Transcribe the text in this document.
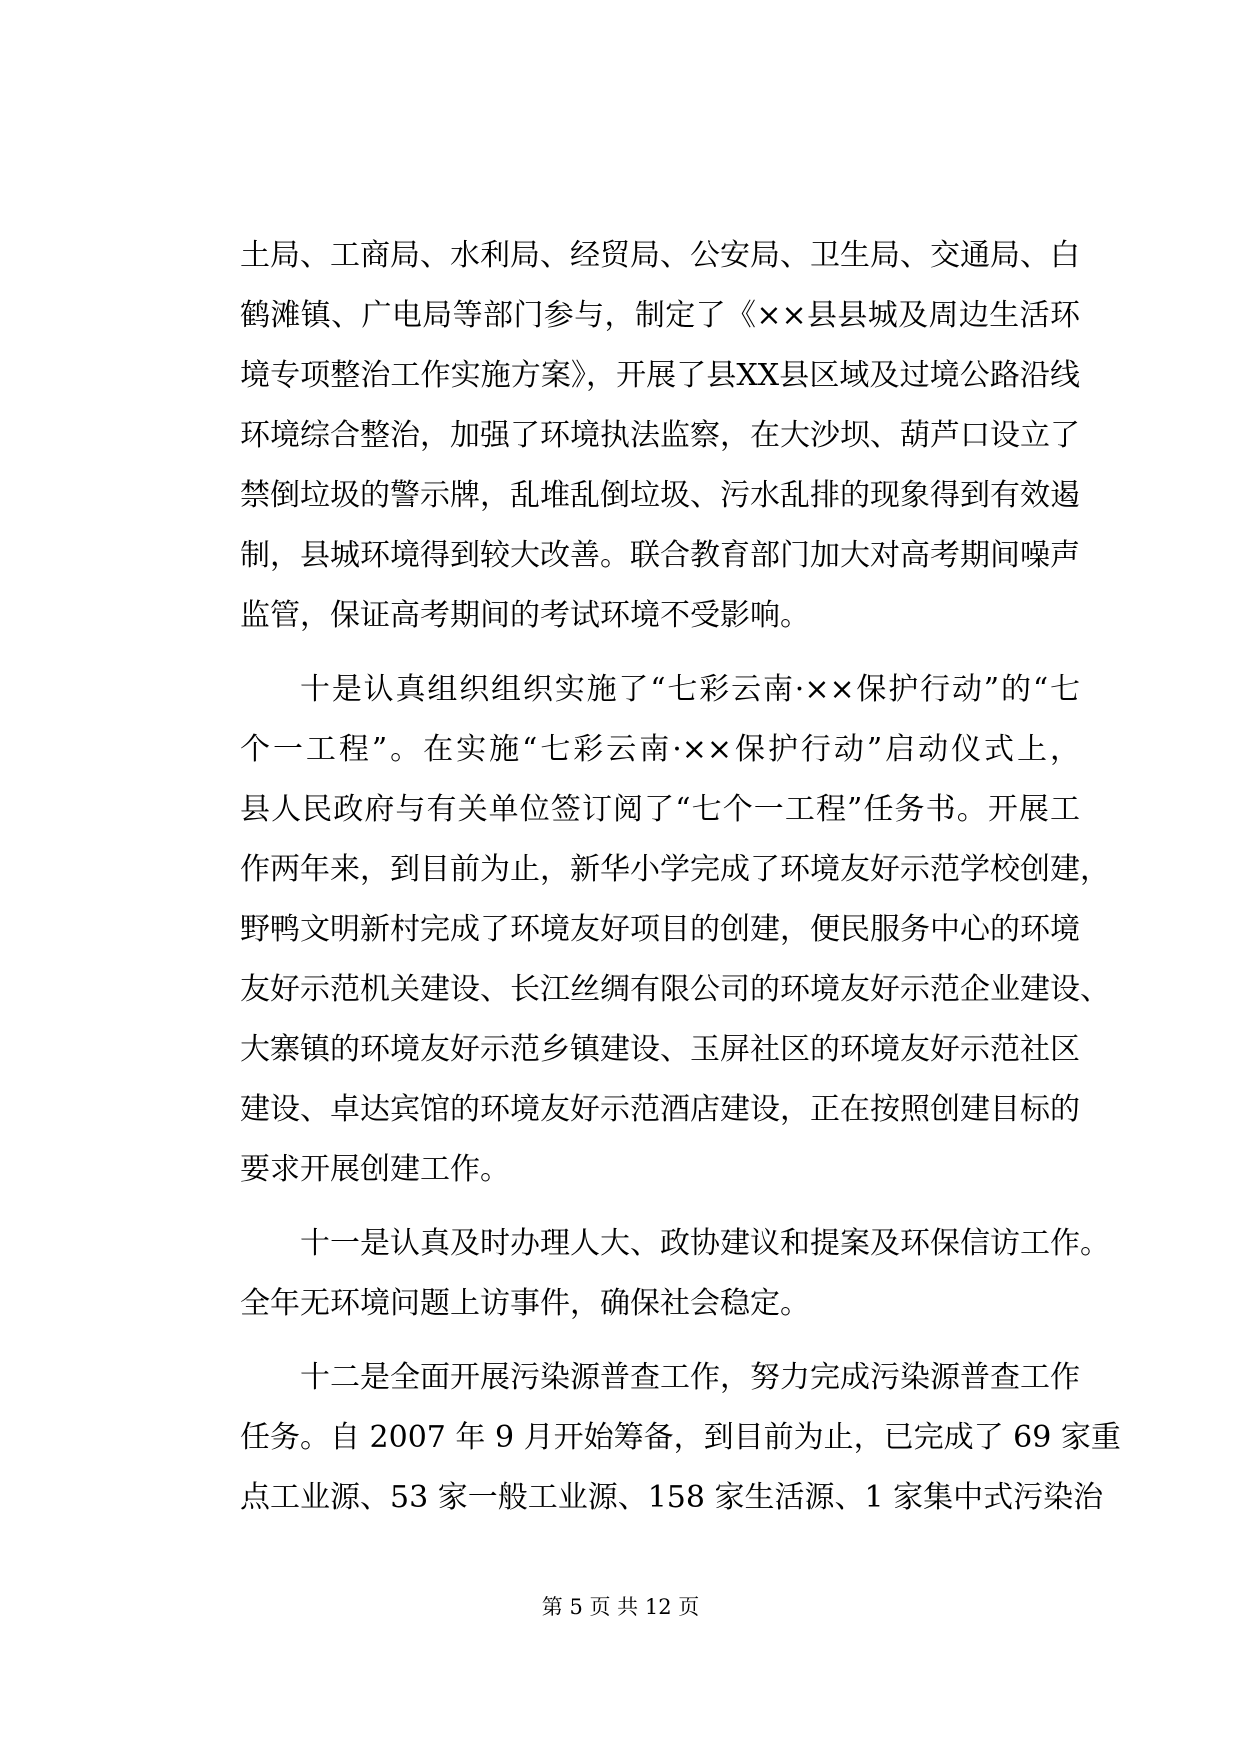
土局、工商局、水利局、经贸局、公安局、卫生局、交通局、白
鹤滩镇、广电局等部门参与，制定了《××县县城及周边生活环
境专项整治工作实施方案》，开展了县XX县区域及过境公路沿线
环境综合整治，加强了环境执法监察，在大沙坝、葫芦口设立了
禁倒垃圾的警示牌，乱堆乱倒垃圾、污水乱排的现象得到有效遏
制，县城环境得到较大改善。联合教育部门加大对高考期间噪声
监管，保证高考期间的考试环境不受影响。
十是认真组织组织实施了“七彩云南·××保护行动”的“七
个一工程”。在实施“七彩云南·××保护行动”启动仪式上，
县人民政府与有关单位签订阅了“七个一工程”任务书。开展工
作两年来，到目前为止，新华小学完成了环境友好示范学校创建，
野鸭文明新村完成了环境友好项目的创建，便民服务中心的环境
友好示范机关建设、长江丝绸有限公司的环境友好示范企业建设、
大寨镇的环境友好示范乡镇建设、玉屏社区的环境友好示范社区
建设、卓达宾馆的环境友好示范酒店建设，正在按照创建目标的
要求开展创建工作。
十一是认真及时办理人大、政协建议和提案及环保信访工作。
全年无环境问题上访事件，确保社会稳定。
十二是全面开展污染源普查工作，努力完成污染源普查工作
任务。自 2007 年 9 月开始筹备，到目前为止，已完成了 69 家重
点工业源、53 家一般工业源、158 家生活源、1 家集中式污染治
第 5 页 共 12 页
